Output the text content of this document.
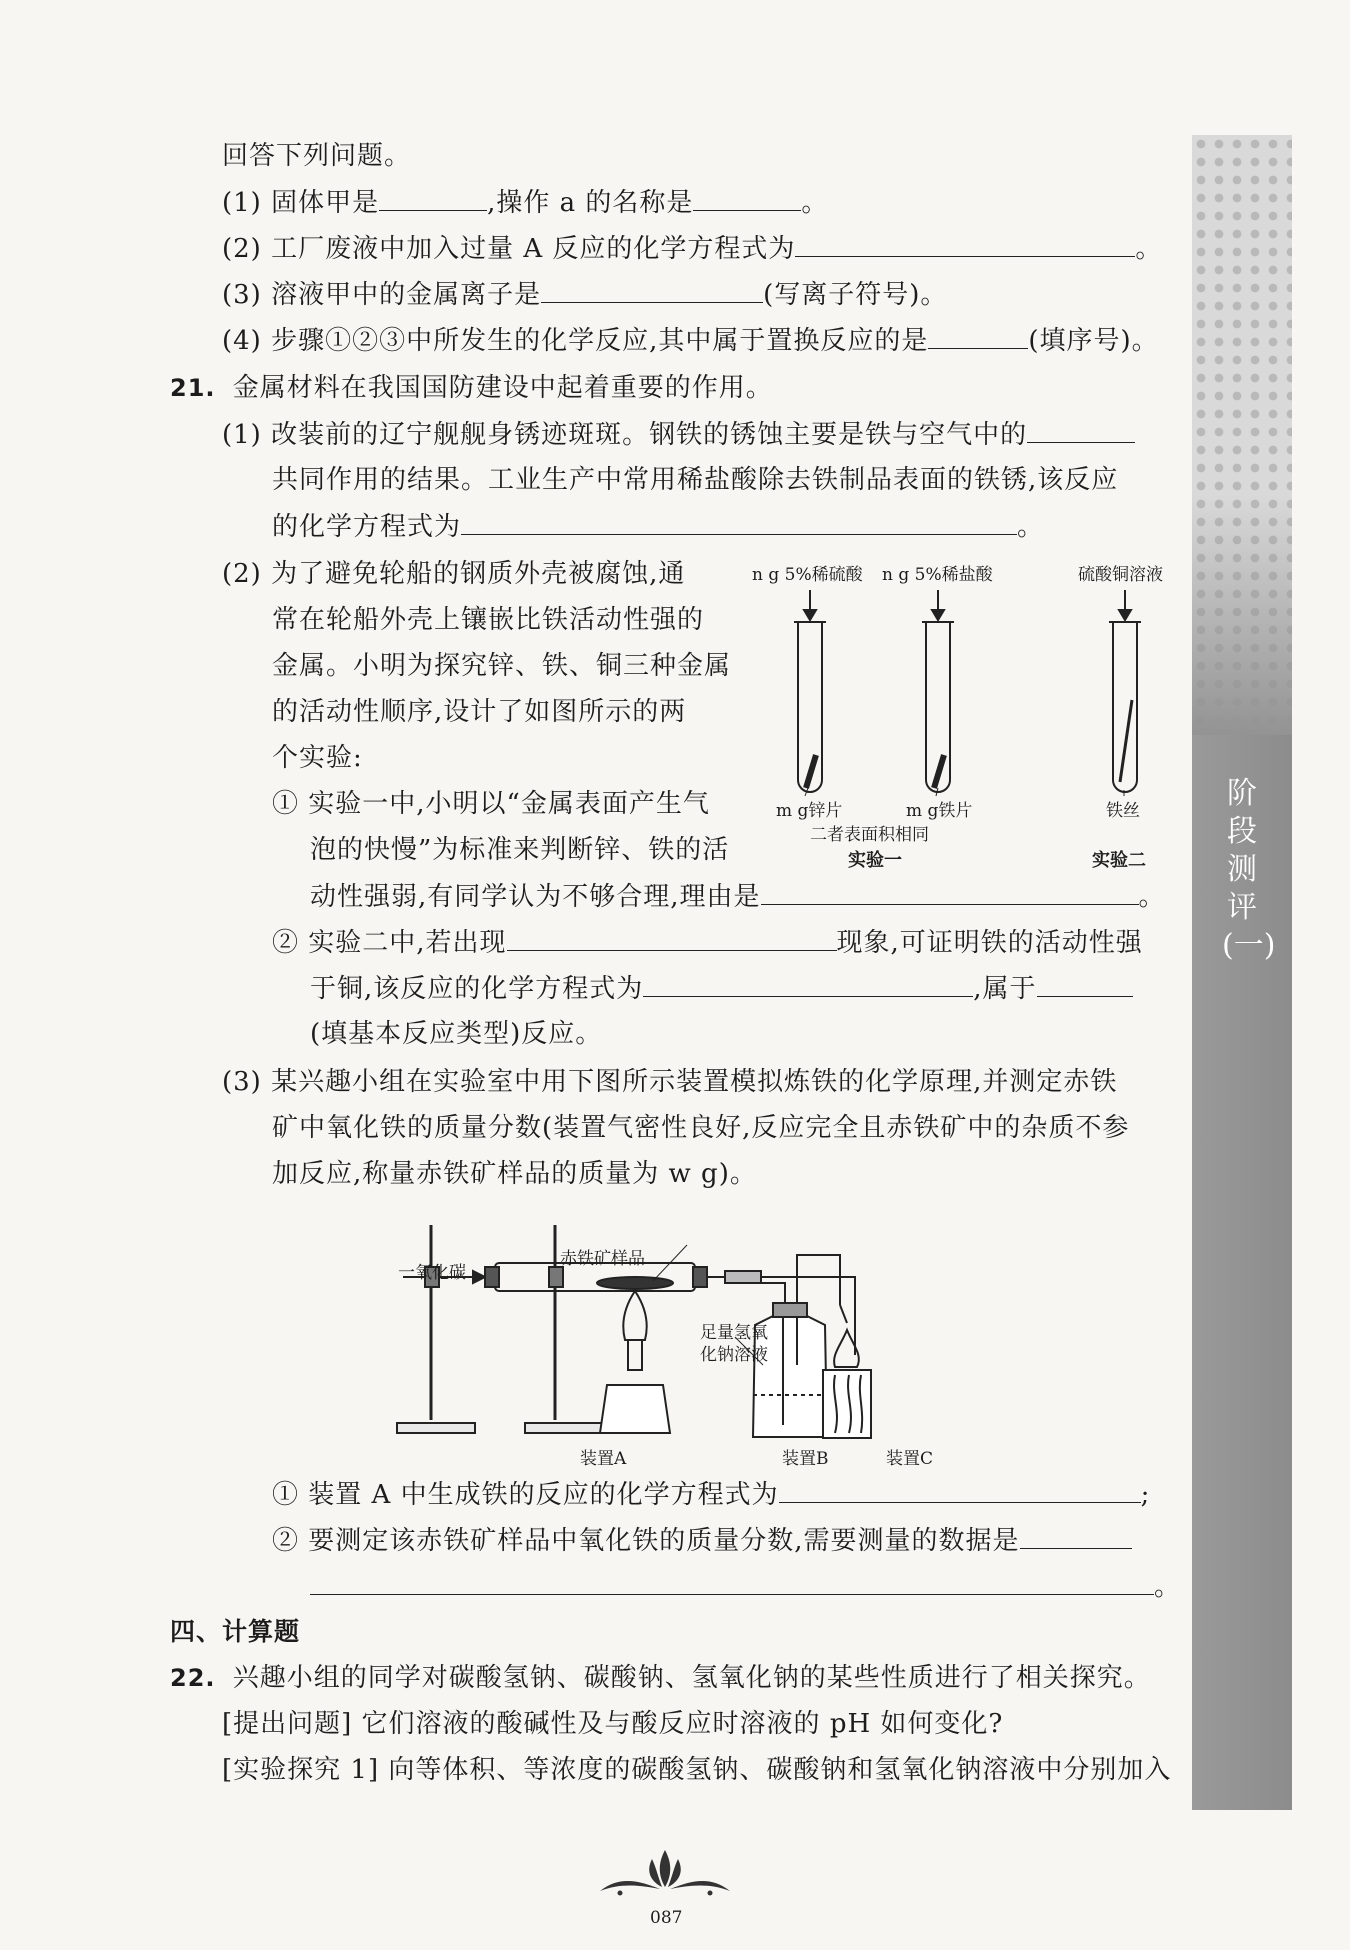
阶段测评(一)
回答下列问题。
(1) 固体甲是	,操作 a 的名称是	。
(2) 工厂废液中加入过量 A 反应的化学方程式为	。
(3) 溶液甲中的金属离子是	(写离子符号)。
(4) 步骤①②③中所发生的化学反应,其中属于置换反应的是	(填序号)。
21. 金属材料在我国国防建设中起着重要的作用。
(1) 改装前的辽宁舰舰身锈迹斑斑。钢铁的锈蚀主要是铁与空气中的
共同作用的结果。工业生产中常用稀盐酸除去铁制品表面的铁锈,该反应
的化学方程式为	。
(2) 为了避免轮船的钢质外壳被腐蚀,通
常在轮船外壳上镶嵌比铁活动性强的
金属。小明为探究锌、铁、铜三种金属
的活动性顺序,设计了如图所示的两
个实验:
① 实验一中,小明以“金属表面产生气
泡的快慢”为标准来判断锌、铁的活
动性强弱,有同学认为不够合理,理由是	。
② 实验二中,若出现	现象,可证明铁的活动性强
于铜,该反应的化学方程式为	,属于
(填基本反应类型)反应。
(3) 某兴趣小组在实验室中用下图所示装置模拟炼铁的化学原理,并测定赤铁
矿中氧化铁的质量分数(装置气密性良好,反应完全且赤铁矿中的杂质不参
加反应,称量赤铁矿样品的质量为 w g)。
n g 5%稀硫酸 n g 5%稀盐酸	硫酸铜溶液
m g锌片	m g铁片	铁丝
二者表面积相同
实验一	实验二
一氧化碳
赤铁矿样品
足量氢氧
化钠溶液
装置A	装置B	装置C
① 装置 A 中生成铁的反应的化学方程式为	;
② 要测定该赤铁矿样品中氧化铁的质量分数,需要测量的数据是
。
四、计算题
22. 兴趣小组的同学对碳酸氢钠、碳酸钠、氢氧化钠的某些性质进行了相关探究。
[提出问题] 它们溶液的酸碱性及与酸反应时溶液的 pH 如何变化?
[实验探究 1] 向等体积、等浓度的碳酸氢钠、碳酸钠和氢氧化钠溶液中分别加入
087
